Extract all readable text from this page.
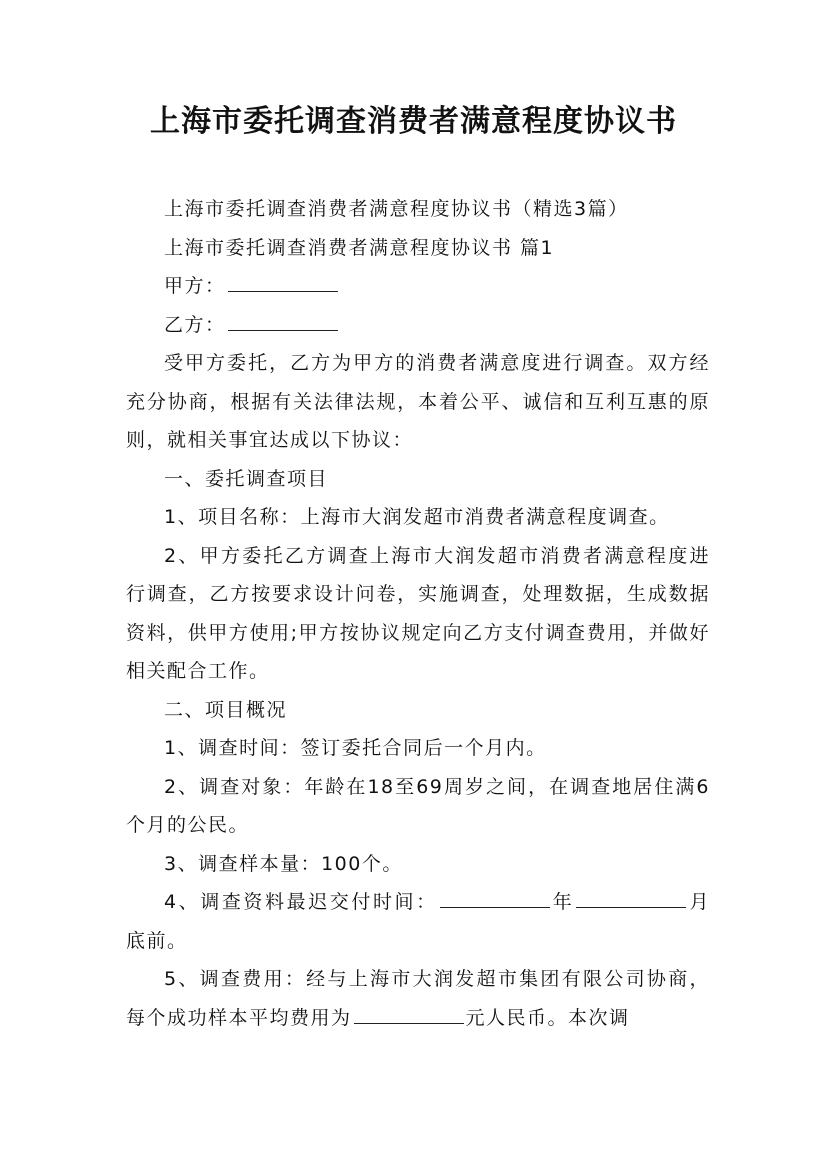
上海市委托调查消费者满意程度协议书

上海市委托调查消费者满意程度协议书（精选3篇）

上海市委托调查消费者满意程度协议书 篇1

甲方：

乙方：

受甲方委托，乙方为甲方的消费者满意度进行调查。双方经充分协商，根据有关法律法规，本着公平、诚信和互利互惠的原则，就相关事宜达成以下协议：

一、委托调查项目

1、项目名称：上海市大润发超市消费者满意程度调查。

2、甲方委托乙方调查上海市大润发超市消费者满意程度进行调查，乙方按要求设计问卷，实施调查，处理数据，生成数据资料，供甲方使用;甲方按协议规定向乙方支付调查费用，并做好相关配合工作。

二、项目概况

1、调查时间：签订委托合同后一个月内。

2、调查对象：年龄在18至69周岁之间，在调查地居住满6个月的公民。

3、调查样本量：100个。

4、调查资料最迟交付时间：	年	月底前。

5、调查费用：经与上海市大润发超市集团有限公司协商，每个成功样本平均费用为	元人民币。本次调
